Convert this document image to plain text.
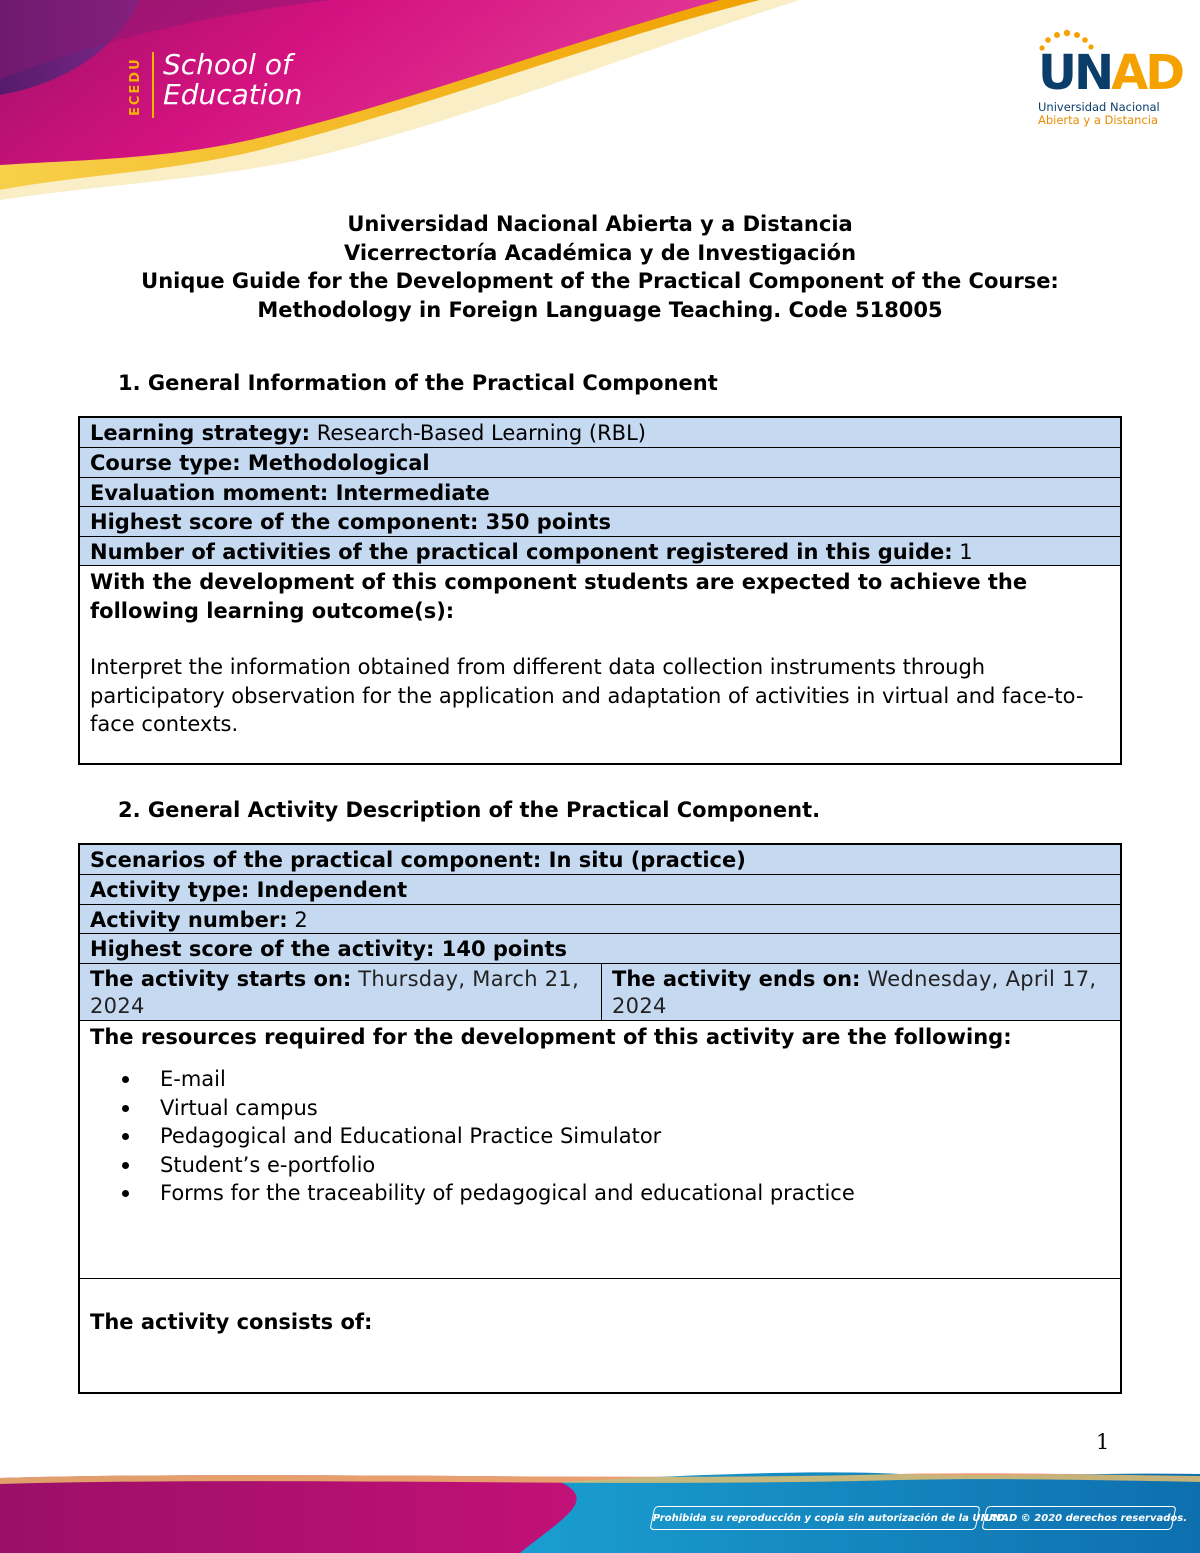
ECEDU School of
Education	UNAD
Universidad Nacional
Abierta y a Distancia
Universidad Nacional Abierta y a Distancia
Vicerrectoría Académica y de Investigación
Unique Guide for the Development of the Practical Component of the Course:
Methodology in Foreign Language Teaching. Code 518005
1. General Information of the Practical Component
Learning strategy: Research-Based Learning (RBL)
Course type: Methodological
Evaluation moment: Intermediate
Highest score of the component: 350 points
Number of activities of the practical component registered in this guide: 1
With the development of this component students are expected to achieve the following learning outcome(s):
Interpret the information obtained from different data collection instruments through participatory observation for the application and adaptation of activities in virtual and face-to-face contexts.
2. General Activity Description of the Practical Component.
Scenarios of the practical component: In situ (practice)
Activity type: Independent
Activity number: 2
Highest score of the activity: 140 points
The activity starts on: Thursday, March 21, 2024
The activity ends on: Wednesday, April 17, 2024
The resources required for the development of this activity are the following:
E-mail
Virtual campus
Pedagogical and Educational Practice Simulator
Student’s e-portfolio
Forms for the traceability of pedagogical and educational practice
The activity consists of:
1
Prohibida su reproducción y copia sin autorización de la UNAD.
UNAD © 2020 derechos reservados.
